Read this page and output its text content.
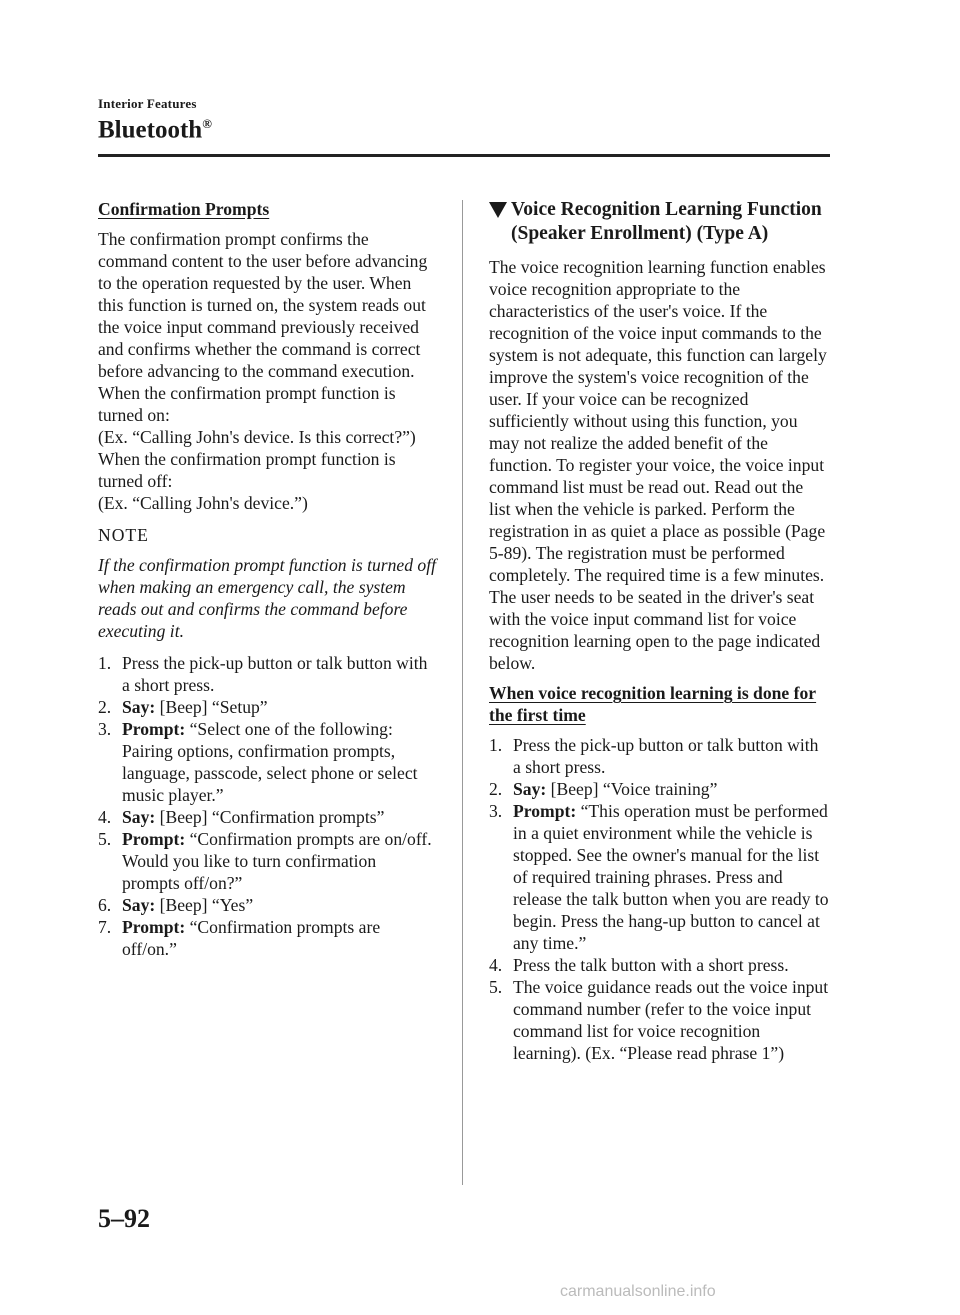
Interior Features
Bluetooth®

Confirmation Prompts

The confirmation prompt confirms the command content to the user before advancing to the operation requested by the user. When this function is turned on, the system reads out the voice input command previously received and confirms whether the command is correct before advancing to the command execution.

When the confirmation prompt function is turned on:

(Ex. “Calling John's device. Is this correct?”)

When the confirmation prompt function is turned off:

(Ex. “Calling John's device.”)

NOTE

If the confirmation prompt function is turned off when making an emergency call, the system reads out and confirms the command before executing it.

1. Press the pick-up button or talk button with a short press.
2. Say: [Beep] “Setup”
3. Prompt: “Select one of the following: Pairing options, confirmation prompts, language, passcode, select phone or select music player.”
4. Say: [Beep] “Confirmation prompts”
5. Prompt: “Confirmation prompts are on/off. Would you like to turn confirmation prompts off/on?”
6. Say: [Beep] “Yes”
7. Prompt: “Confirmation prompts are off/on.”
Voice Recognition Learning Function (Speaker Enrollment) (Type A)

The voice recognition learning function enables voice recognition appropriate to the characteristics of the user's voice. If the recognition of the voice input commands to the system is not adequate, this function can largely improve the system's voice recognition of the user. If your voice can be recognized sufficiently without using this function, you may not realize the added benefit of the function. To register your voice, the voice input command list must be read out. Read out the list when the vehicle is parked. Perform the registration in as quiet a place as possible (Page 5-89). The registration must be performed completely. The required time is a few minutes. The user needs to be seated in the driver's seat with the voice input command list for voice recognition learning open to the page indicated below.

When voice recognition learning is done for the first time

1. Press the pick-up button or talk button with a short press.
2. Say: [Beep] “Voice training”
3. Prompt: “This operation must be performed in a quiet environment while the vehicle is stopped. See the owner's manual for the list of required training phrases. Press and release the talk button when you are ready to begin. Press the hang-up button to cancel at any time.”
4. Press the talk button with a short press.
5. The voice guidance reads out the voice input command number (refer to the voice input command list for voice recognition learning). (Ex. “Please read phrase 1”)
5–92
carmanualsonline.info
